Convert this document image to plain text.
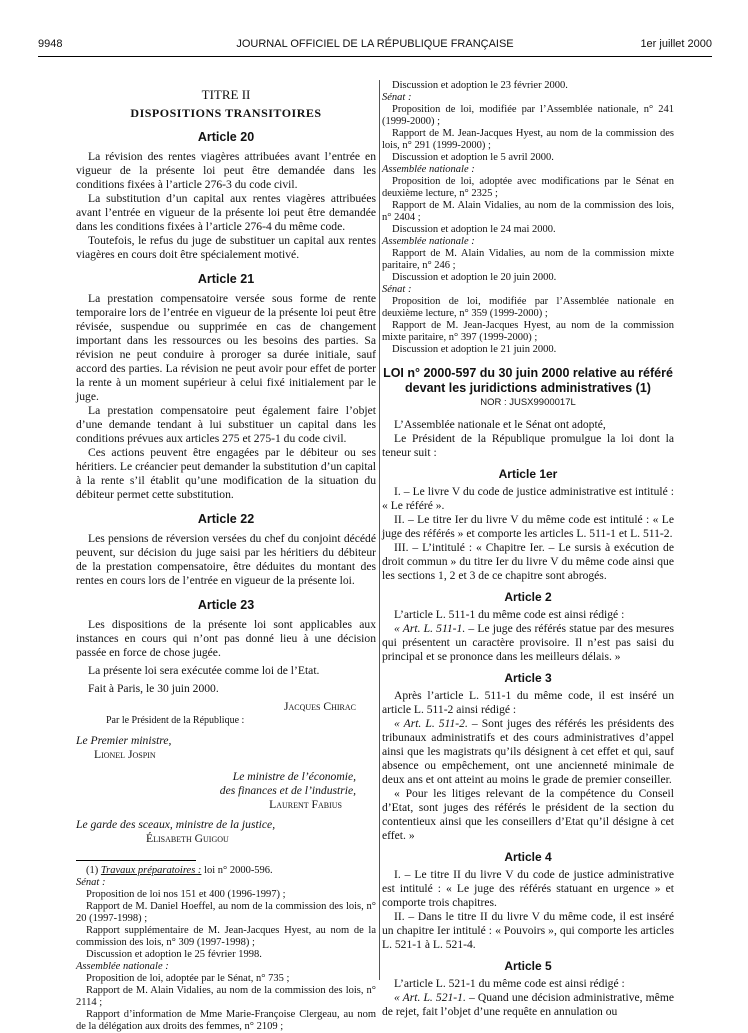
9948	JOURNAL OFFICIEL DE LA RÉPUBLIQUE FRANÇAISE	1er juillet 2000
TITRE II
DISPOSITIONS TRANSITOIRES
Article 20

La révision des rentes viagères attribuées avant l’entrée en vigueur de la présente loi peut être demandée dans les conditions fixées à l’article 276-3 du code civil.

La substitution d’un capital aux rentes viagères attribuées avant l’entrée en vigueur de la présente loi peut être demandée dans les conditions fixées à l’article 276-4 du même code.

Toutefois, le refus du juge de substituer un capital aux rentes viagères en cours doit être spécialement motivé.

Article 21

La prestation compensatoire versée sous forme de rente temporaire lors de l’entrée en vigueur de la présente loi peut être révisée, suspendue ou supprimée en cas de changement important dans les ressources ou les besoins des parties. Sa révision ne peut conduire à proroger sa durée initiale, sauf accord des parties. La révision ne peut avoir pour effet de porter la rente à un moment supérieur à celui fixé initialement par le juge.

La prestation compensatoire peut également faire l’objet d’une demande tendant à lui substituer un capital dans les conditions prévues aux articles 275 et 275-1 du code civil.

Ces actions peuvent être engagées par le débiteur ou ses héritiers. Le créancier peut demander la substitution d’un capital à la rente s’il établit qu’une modification de la situation du débiteur permet cette substitution.

Article 22

Les pensions de réversion versées du chef du conjoint décédé peuvent, sur décision du juge saisi par les héritiers du débiteur de la prestation compensatoire, être déduites du montant des rentes en cours lors de l’entrée en vigueur de la présente loi.

Article 23

Les dispositions de la présente loi sont applicables aux instances en cours qui n’ont pas donné lieu à une décision passée en force de chose jugée.

La présente loi sera exécutée comme loi de l’Etat.

Fait à Paris, le 30 juin 2000.

Jacques Chirac

Par le Président de la République :

Le Premier ministre,

Lionel Jospin

Le ministre de l’économie,

des finances et de l’industrie,

Laurent Fabius

Le garde des sceaux, ministre de la justice,

Élisabeth Guigou

(1) Travaux préparatoires : loi n° 2000-596.

Sénat :

Proposition de loi nos 151 et 400 (1996-1997) ;

Rapport de M. Daniel Hoeffel, au nom de la commission des lois, n° 20 (1997-1998) ;

Rapport supplémentaire de M. Jean-Jacques Hyest, au nom de la commission des lois, n° 309 (1997-1998) ;

Discussion et adoption le 25 février 1998.

Assemblée nationale :

Proposition de loi, adoptée par le Sénat, n° 735 ;

Rapport de M. Alain Vidalies, au nom de la commission des lois, n° 2114 ;

Rapport d’information de Mme Marie-Françoise Clergeau, au nom de la délégation aux droits des femmes, n° 2109 ;

Discussion et adoption le 23 février 2000.

Sénat :

Proposition de loi, modifiée par l’Assemblée nationale, n° 241 (1999-2000) ;

Rapport de M. Jean-Jacques Hyest, au nom de la commission des lois, n° 291 (1999-2000) ;

Discussion et adoption le 5 avril 2000.

Assemblée nationale :

Proposition de loi, adoptée avec modifications par le Sénat en deuxième lecture, n° 2325 ;

Rapport de M. Alain Vidalies, au nom de la commission des lois, n° 2404 ;

Discussion et adoption le 24 mai 2000.

Assemblée nationale :

Rapport de M. Alain Vidalies, au nom de la commission mixte paritaire, n° 246 ;

Discussion et adoption le 20 juin 2000.

Sénat :

Proposition de loi, modifiée par l’Assemblée nationale en deuxième lecture, n° 359 (1999-2000) ;

Rapport de M. Jean-Jacques Hyest, au nom de la commission mixte paritaire, n° 397 (1999-2000) ;

Discussion et adoption le 21 juin 2000.

LOI n° 2000-597 du 30 juin 2000 relative au référé devant les juridictions administratives (1)
NOR : JUSX9900017L

L’Assemblée nationale et le Sénat ont adopté,

Le Président de la République promulgue la loi dont la teneur suit :

Article 1er

I. – Le livre V du code de justice administrative est intitulé : « Le référé ».

II. – Le titre Ier du livre V du même code est intitulé : « Le juge des référés » et comporte les articles L. 511-1 et L. 511-2.

III. – L’intitulé : « Chapitre Ier. – Le sursis à exécution de droit commun » du titre Ier du livre V du même code ainsi que les sections 1, 2 et 3 de ce chapitre sont abrogés.

Article 2

L’article L. 511-1 du même code est ainsi rédigé :

« Art. L. 511-1. – Le juge des référés statue par des mesures qui présentent un caractère provisoire. Il n’est pas saisi du principal et se prononce dans les meilleurs délais. »

Article 3

Après l’article L. 511-1 du même code, il est inséré un article L. 511-2 ainsi rédigé :

« Art. L. 511-2. – Sont juges des référés les présidents des tribunaux administratifs et des cours administratives d’appel ainsi que les magistrats qu’ils désignent à cet effet et qui, sauf absence ou empêchement, ont une ancienneté minimale de deux ans et ont atteint au moins le grade de premier conseiller.

« Pour les litiges relevant de la compétence du Conseil d’Etat, sont juges des référés le président de la section du contentieux ainsi que les conseillers d’Etat qu’il désigne à cet effet. »

Article 4

I. – Le titre II du livre V du code de justice administrative est intitulé : « Le juge des référés statuant en urgence » et comporte trois chapitres.

II. – Dans le titre II du livre V du même code, il est inséré un chapitre Ier intitulé : « Pouvoirs », qui comporte les articles L. 521-1 à L. 521-4.

Article 5

L’article L. 521-1 du même code est ainsi rédigé :

« Art. L. 521-1. – Quand une décision administrative, même de rejet, fait l’objet d’une requête en annulation ou
